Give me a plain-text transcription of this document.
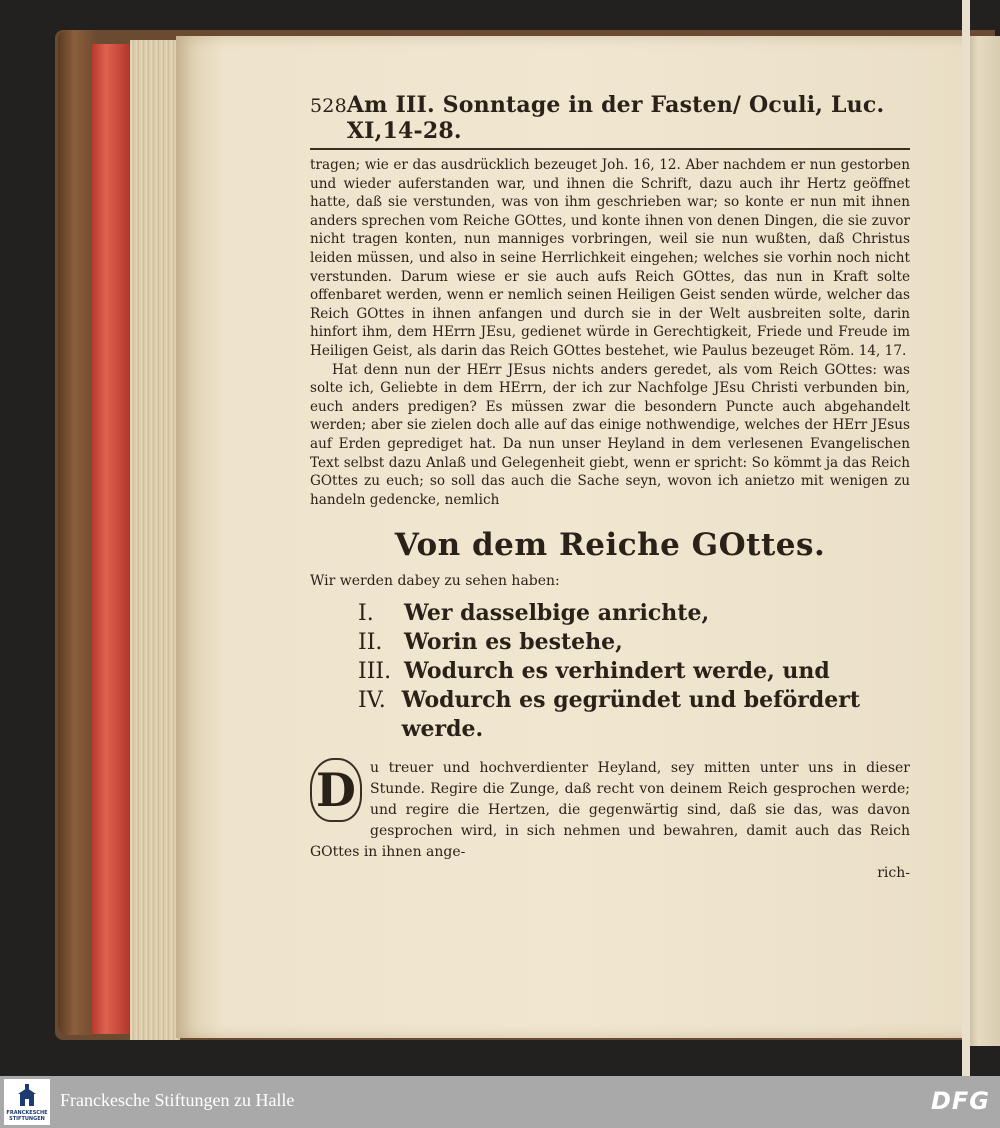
528 Am III. Sonntage in der Fasten/ Oculi, Luc. XI,14-28.

tragen; wie er das ausdrücklich bezeuget Joh. 16, 12. Aber nachdem er nun gestorben und wieder auferstanden war, und ihnen die Schrift, dazu auch ihr Hertz geöffnet hatte, daß sie verstunden, was von ihm geschrieben war; so konte er nun mit ihnen anders sprechen vom Reiche GOttes, und konte ihnen von denen Dingen, die sie zuvor nicht tragen konten, nun manniges vorbringen, weil sie nun wußten, daß Christus leiden müssen, und also in seine Herrlichkeit eingehen; welches sie vorhin noch nicht verstunden. Darum wiese er sie auch aufs Reich GOttes, das nun in Kraft solte offenbaret werden, wenn er nemlich seinen Heiligen Geist senden würde, welcher das Reich GOttes in ihnen anfangen und durch sie in der Welt ausbreiten solte, darin hinfort ihm, dem HErrn JEsu, gedienet würde in Gerechtigkeit, Friede und Freude im Heiligen Geist, als darin das Reich GOttes bestehet, wie Paulus bezeuget Röm. 14, 17.

Hat denn nun der HErr JEsus nichts anders geredet, als vom Reich GOttes: was solte ich, Geliebte in dem HErrn, der ich zur Nachfolge JEsu Christi verbunden bin, euch anders predigen? Es müssen zwar die besondern Puncte auch abgehandelt werden; aber sie zielen doch alle auf das einige nothwendige, welches der HErr JEsus auf Erden geprediget hat. Da nun unser Heyland in dem verlesenen Evangelischen Text selbst dazu Anlaß und Gelegenheit giebt, wenn er spricht: So kömmt ja das Reich GOttes zu euch; so soll das auch die Sache seyn, wovon ich anietzo mit wenigen zu handeln gedencke, nemlich

Von dem Reiche GOttes.
Wir werden dabey zu sehen haben:
I.	Wer dasselbige anrichte,
II. Worin es bestehe,
III. Wodurch es verhindert werde, und
IV. Wodurch es gegründet und befördert werde.
D	u treuer und hochverdienter Heyland, sey mitten unter uns in dieser Stunde. Regire die Zunge, daß recht von deinem Reich gesprochen werde; und regire die Hertzen, die gegenwärtig sind, daß sie das, was davon gesprochen wird, in sich nehmen und bewahren, damit auch das Reich GOttes in ihnen ange-
rich-
FRANCKESCHE STIFTUNGEN
Franckesche Stiftungen zu Halle	DFG
